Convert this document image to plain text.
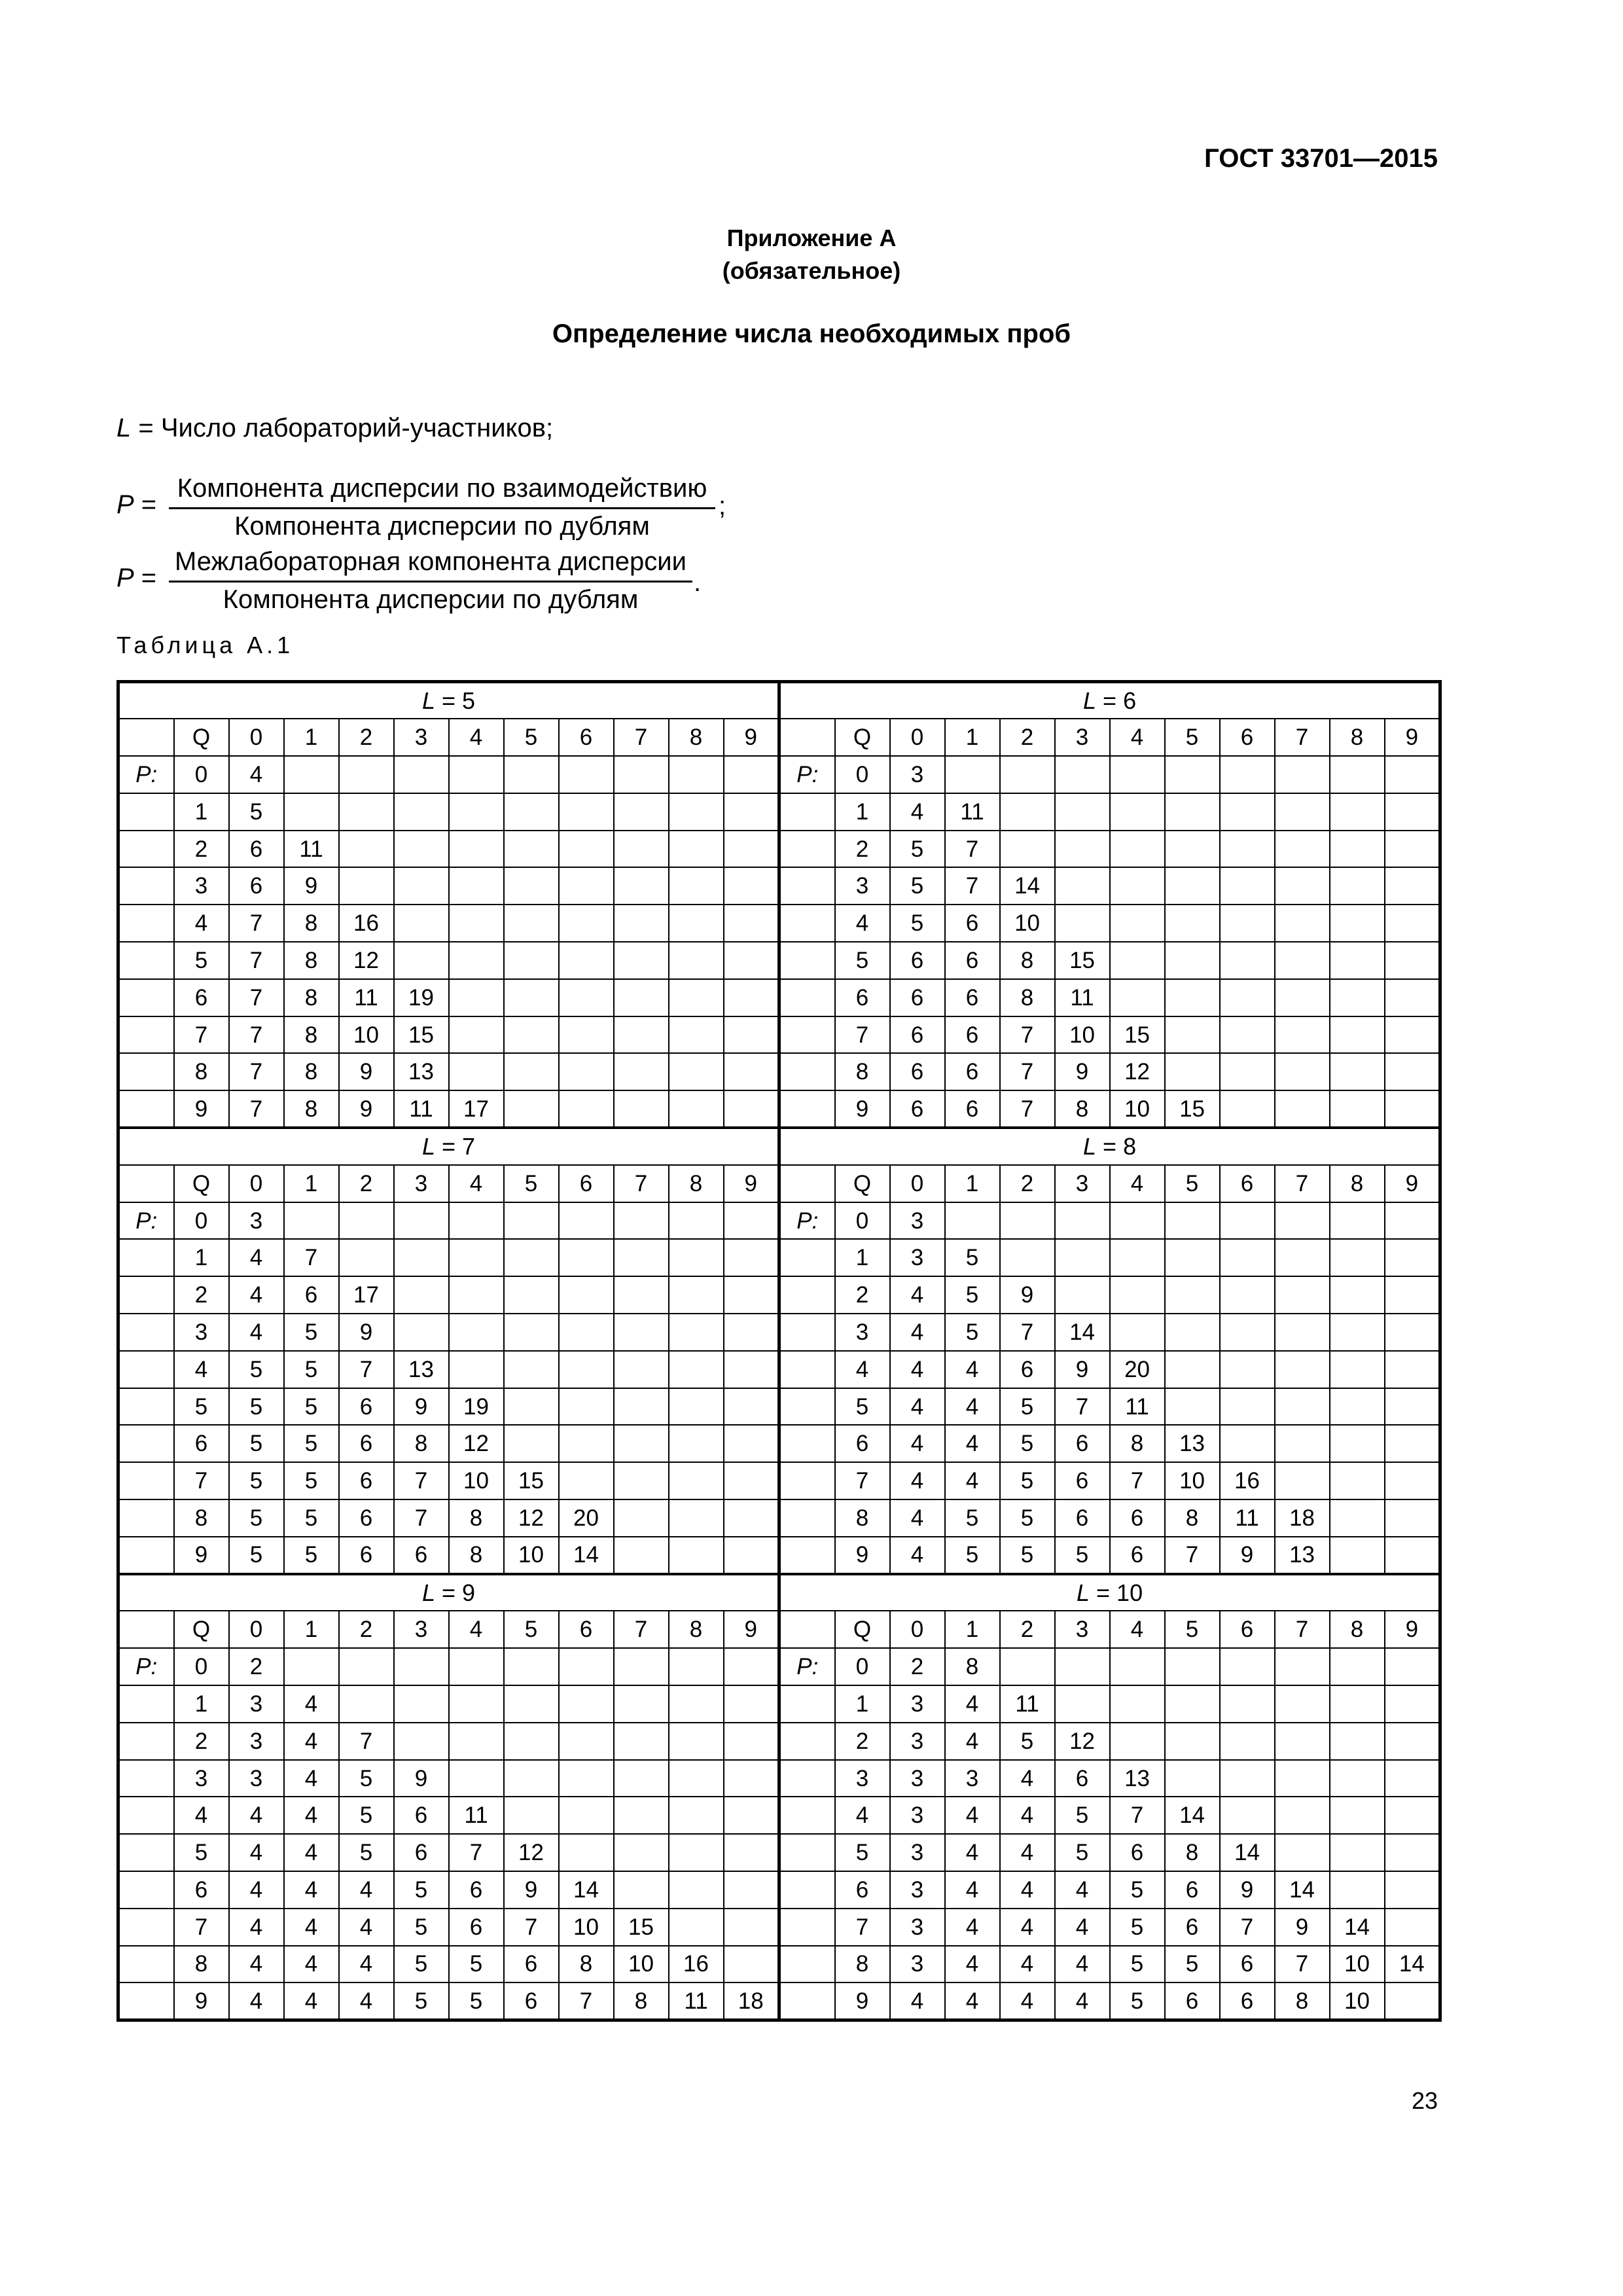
ГОСТ 33701—2015
Приложение А
(обязательное)
Определение числа необходимых проб
L = Число лабораторий-участников;
P =
Компонента дисперсии по взаимодействию
Компонента дисперсии по дублям
;
P =
Межлабораторная компонента дисперсии
Компонента дисперсии по дублям
.
Таблица А.1
L = 5												L = 6											
	Q	0	1	2	3	4	5	6	7	8	9		Q	0	1	2	3	4	5	6	7	8	9
P:	0	4										P:	0	3									
	1	5											1	4	11								
	2	6	11										2	5	7								
	3	6	9										3	5	7	14							
	4	7	8	16									4	5	6	10							
	5	7	8	12									5	6	6	8	15						
	6	7	8	11	19								6	6	6	8	11						
	7	7	8	10	15								7	6	6	7	10	15					
	8	7	8	9	13								8	6	6	7	9	12					
	9	7	8	9	11	17							9	6	6	7	8	10	15				
L = 7												L = 8											
	Q	0	1	2	3	4	5	6	7	8	9		Q	0	1	2	3	4	5	6	7	8	9
P:	0	3										P:	0	3									
	1	4	7										1	3	5								
	2	4	6	17									2	4	5	9							
	3	4	5	9									3	4	5	7	14						
	4	5	5	7	13								4	4	4	6	9	20					
	5	5	5	6	9	19							5	4	4	5	7	11					
	6	5	5	6	8	12							6	4	4	5	6	8	13				
	7	5	5	6	7	10	15						7	4	4	5	6	7	10	16			
	8	5	5	6	7	8	12	20					8	4	5	5	6	6	8	11	18		
	9	5	5	6	6	8	10	14					9	4	5	5	5	6	7	9	13		
L = 9												L = 10											
	Q	0	1	2	3	4	5	6	7	8	9		Q	0	1	2	3	4	5	6	7	8	9
P:	0	2										P:	0	2	8								
	1	3	4										1	3	4	11							
	2	3	4	7									2	3	4	5	12						
	3	3	4	5	9								3	3	3	4	6	13					
	4	4	4	5	6	11							4	3	4	4	5	7	14				
	5	4	4	5	6	7	12						5	3	4	4	5	6	8	14			
	6	4	4	4	5	6	9	14					6	3	4	4	4	5	6	9	14		
	7	4	4	4	5	6	7	10	15				7	3	4	4	4	5	6	7	9	14	
	8	4	4	4	5	5	6	8	10	16			8	3	4	4	4	5	5	6	7	10	14
	9	4	4	4	5	5	6	7	8	11	18		9	4	4	4	4	5	6	6	8	10	
23
